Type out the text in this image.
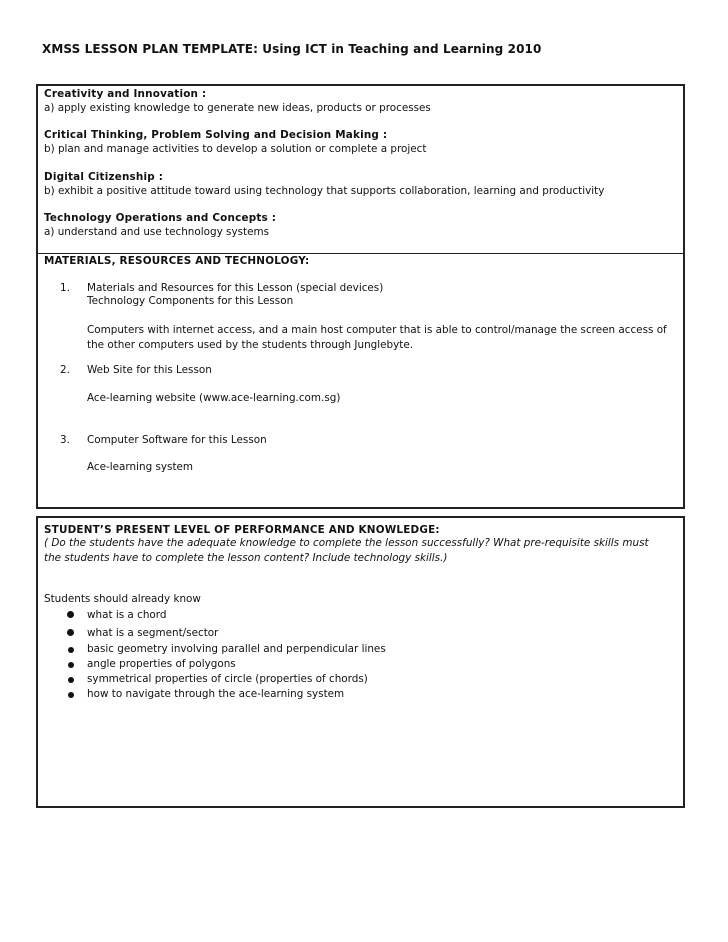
XMSS LESSON PLAN TEMPLATE: Using ICT in Teaching and Learning 2010
Creativity and Innovation :
a) apply existing knowledge to generate new ideas, products or processes
Critical Thinking, Problem Solving and Decision Making :
b) plan and manage activities to develop a solution or complete a project
Digital Citizenship :
b) exhibit a positive attitude toward using technology that supports collaboration, learning and productivity
Technology Operations and Concepts :
a) understand and use technology systems
MATERIALS, RESOURCES AND TECHNOLOGY:
1. Materials and Resources for this Lesson (special devices)
Technology Components for this Lesson
Computers with internet access, and a main host computer that is able to control/manage the screen access of the other computers used by the students through Junglebyte.
2. Web Site for this Lesson
Ace-learning website (www.ace-learning.com.sg)
3. Computer Software for this Lesson
Ace-learning system
STUDENT’S PRESENT LEVEL OF PERFORMANCE AND KNOWLEDGE:
( Do the students have the adequate knowledge to complete the lesson successfully? What pre-requisite skills must
the students have to complete the lesson content? Include technology skills.)
Students should already know
what is a chord
what is a segment/sector
basic geometry involving parallel and perpendicular lines
angle properties of polygons
symmetrical properties of circle (properties of chords)
how to navigate through the ace-learning system
